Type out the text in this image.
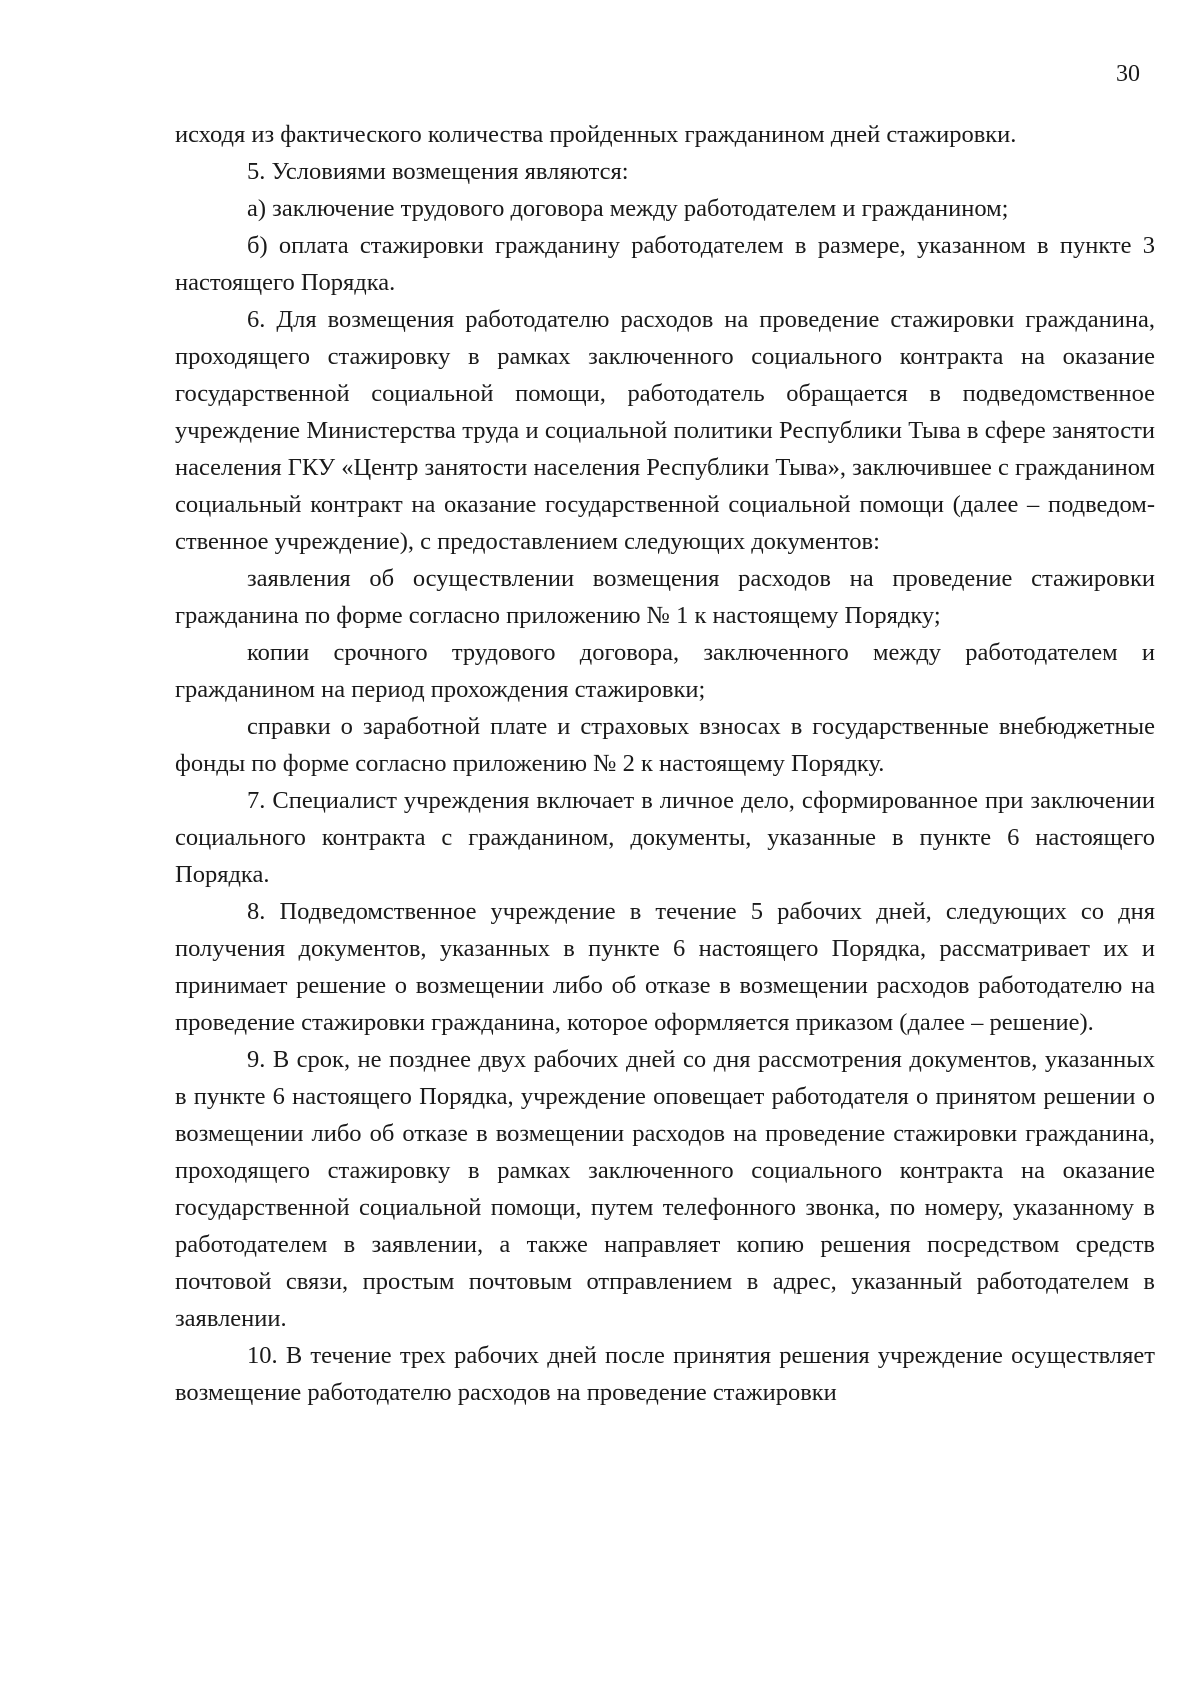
30

исходя из фактического количества пройденных гражданином дней стажировки.

5. Условиями возмещения являются:

а) заключение трудового договора между работодателем и гражданином;

б) оплата стажировки гражданину работодателем в размере, указанном в пункте 3 настоящего Порядка.

6. Для возмещения работодателю расходов на проведение стажировки гражданина, проходящего стажировку в рамках заключенного социального контракта на оказание государственной социальной помощи, работодатель обращается в подведомственное учреждение Министерства труда и социальной политики Республики Тыва в сфере занятости населения ГКУ «Центр занятости населения Республики Тыва», заключившее с гражданином социальный контракт на оказание государственной социальной помощи (далее – подведомственное учреждение), с предоставлением следующих документов:

заявления об осуществлении возмещения расходов на проведение стажировки гражданина по форме согласно приложению № 1 к настоящему Порядку;

копии срочного трудового договора, заключенного между работодателем и гражданином на период прохождения стажировки;

справки о заработной плате и страховых взносах в государственные внебюджетные фонды по форме согласно приложению № 2 к настоящему Порядку.

7. Специалист учреждения включает в личное дело, сформированное при заключении социального контракта с гражданином, документы, указанные в пункте 6 настоящего Порядка.

8. Подведомственное учреждение в течение 5 рабочих дней, следующих со дня получения документов, указанных в пункте 6 настоящего Порядка, рассматривает их и принимает решение о возмещении либо об отказе в возмещении расходов работодателю на проведение стажировки гражданина, которое оформляется приказом (далее – решение).

9. В срок, не позднее двух рабочих дней со дня рассмотрения документов, указанных в пункте 6 настоящего Порядка, учреждение оповещает работодателя о принятом решении о возмещении либо об отказе в возмещении расходов на проведение стажировки гражданина, проходящего стажировку в рамках заключенного социального контракта на оказание государственной социальной помощи, путем телефонного звонка, по номеру, указанному в работодателем в заявлении, а также направляет копию решения посредством средств почтовой связи, простым почтовым отправлением в адрес, указанный работодателем в заявлении.

10. В течение трех рабочих дней после принятия решения учреждение осуществляет возмещение работодателю расходов на проведение стажировки
